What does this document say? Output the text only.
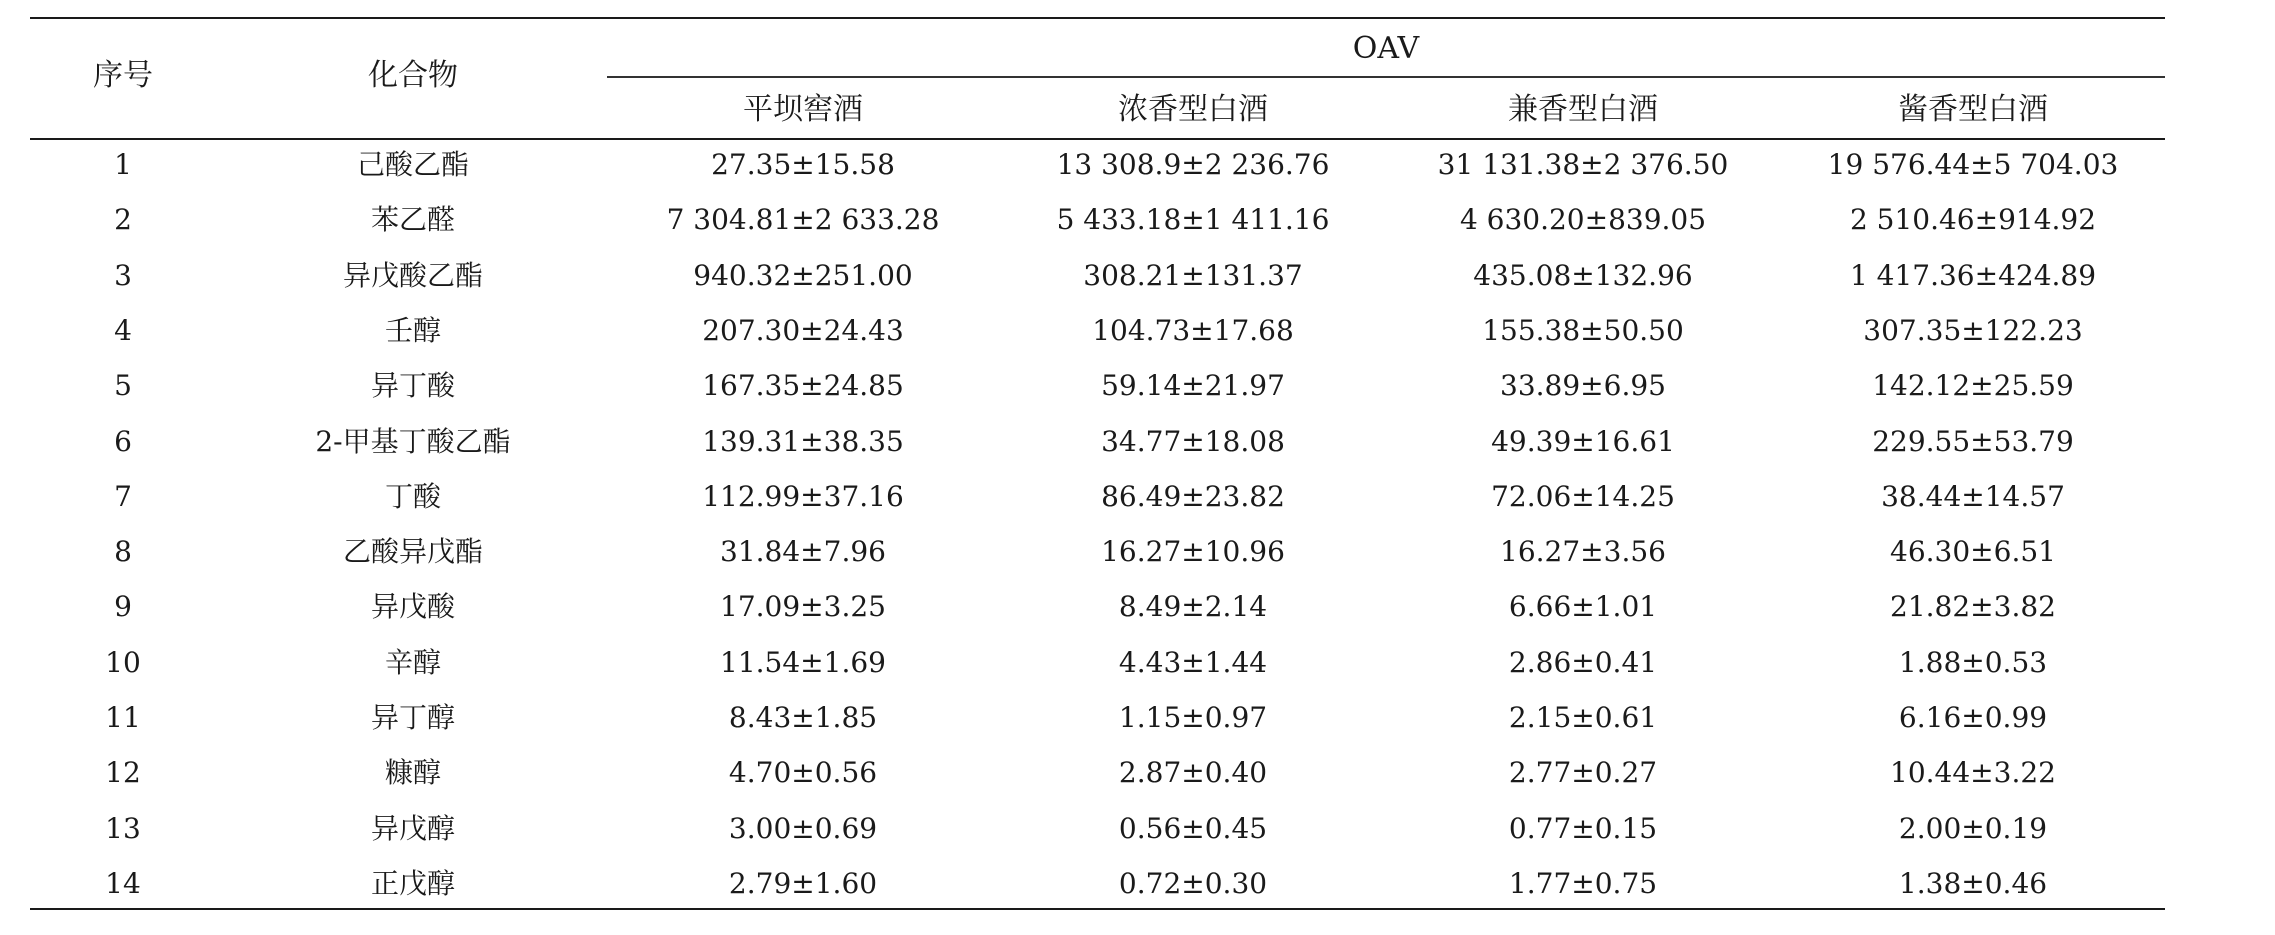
序号	化合物
OAV
平坝窖酒	浓香型白酒	兼香型白酒	酱香型白酒
1	己酸乙酯	27.35±15.58	13 308.9±2 236.76	31 131.38±2 376.50	19 576.44±5 704.03
2	苯乙醛	7 304.81±2 633.28	5 433.18±1 411.16	4 630.20±839.05	2 510.46±914.92
3	异戊酸乙酯	940.32±251.00	308.21±131.37	435.08±132.96	1 417.36±424.89
4	壬醇	207.30±24.43	104.73±17.68	155.38±50.50	307.35±122.23
5	异丁酸	167.35±24.85	59.14±21.97	33.89±6.95	142.12±25.59
6	2-甲基丁酸乙酯	139.31±38.35	34.77±18.08	49.39±16.61	229.55±53.79
7	丁酸	112.99±37.16	86.49±23.82	72.06±14.25	38.44±14.57
8	乙酸异戊酯	31.84±7.96	16.27±10.96	16.27±3.56	46.30±6.51
9	异戊酸	17.09±3.25	8.49±2.14	6.66±1.01	21.82±3.82
10	辛醇	11.54±1.69	4.43±1.44	2.86±0.41	1.88±0.53
11	异丁醇	8.43±1.85	1.15±0.97	2.15±0.61	6.16±0.99
12	糠醇	4.70±0.56	2.87±0.40	2.77±0.27	10.44±3.22
13	异戊醇	3.00±0.69	0.56±0.45	0.77±0.15	2.00±0.19
14	正戊醇	2.79±1.60	0.72±0.30	1.77±0.75	1.38±0.46
